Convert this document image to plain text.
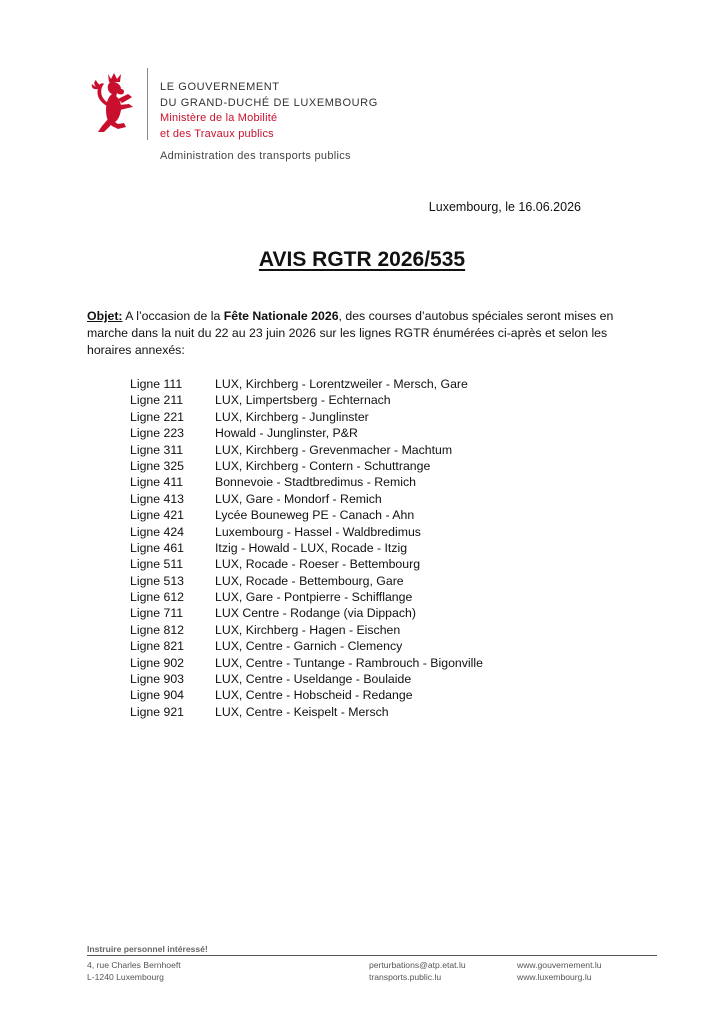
LE GOUVERNEMENT
DU GRAND-DUCHÉ DE LUXEMBOURG
Ministère de la Mobilité
et des Travaux publics
Administration des transports publics
Luxembourg, le 16.06.2026
AVIS RGTR 2026/535
Objet: A l’occasion de la Fête Nationale 2026, des courses d’autobus spéciales seront mises en marche dans la nuit du 22 au 23 juin 2026 sur les lignes RGTR énumérées ci-après et selon les horaires annexés:
Ligne 111	LUX, Kirchberg - Lorentzweiler - Mersch, Gare
Ligne 211	LUX, Limpertsberg - Echternach
Ligne 221	LUX, Kirchberg - Junglinster
Ligne 223	Howald - Junglinster, P&R
Ligne 311	LUX, Kirchberg - Grevenmacher - Machtum
Ligne 325	LUX, Kirchberg - Contern - Schuttrange
Ligne 411	Bonnevoie - Stadtbredimus - Remich
Ligne 413	LUX, Gare - Mondorf - Remich
Ligne 421	Lycée Bouneweg PE - Canach - Ahn
Ligne 424	Luxembourg - Hassel - Waldbredimus
Ligne 461	Itzig - Howald - LUX, Rocade - Itzig
Ligne 511	LUX, Rocade - Roeser - Bettembourg
Ligne 513	LUX, Rocade - Bettembourg, Gare
Ligne 612	LUX, Gare - Pontpierre - Schifflange
Ligne 711	LUX Centre - Rodange (via Dippach)
Ligne 812	LUX, Kirchberg - Hagen - Eischen
Ligne 821	LUX, Centre - Garnich - Clemency
Ligne 902	LUX, Centre - Tuntange - Rambrouch - Bigonville
Ligne 903	LUX, Centre - Useldange - Boulaide
Ligne 904	LUX, Centre - Hobscheid - Redange
Ligne 921	LUX, Centre - Keispelt - Mersch
Instruire personnel intéressé!
4, rue Charles Bernhoeft
L-1240 Luxembourg
perturbations@atp.etat.lu
transports.public.lu
www.gouvernement.lu
www.luxembourg.lu
